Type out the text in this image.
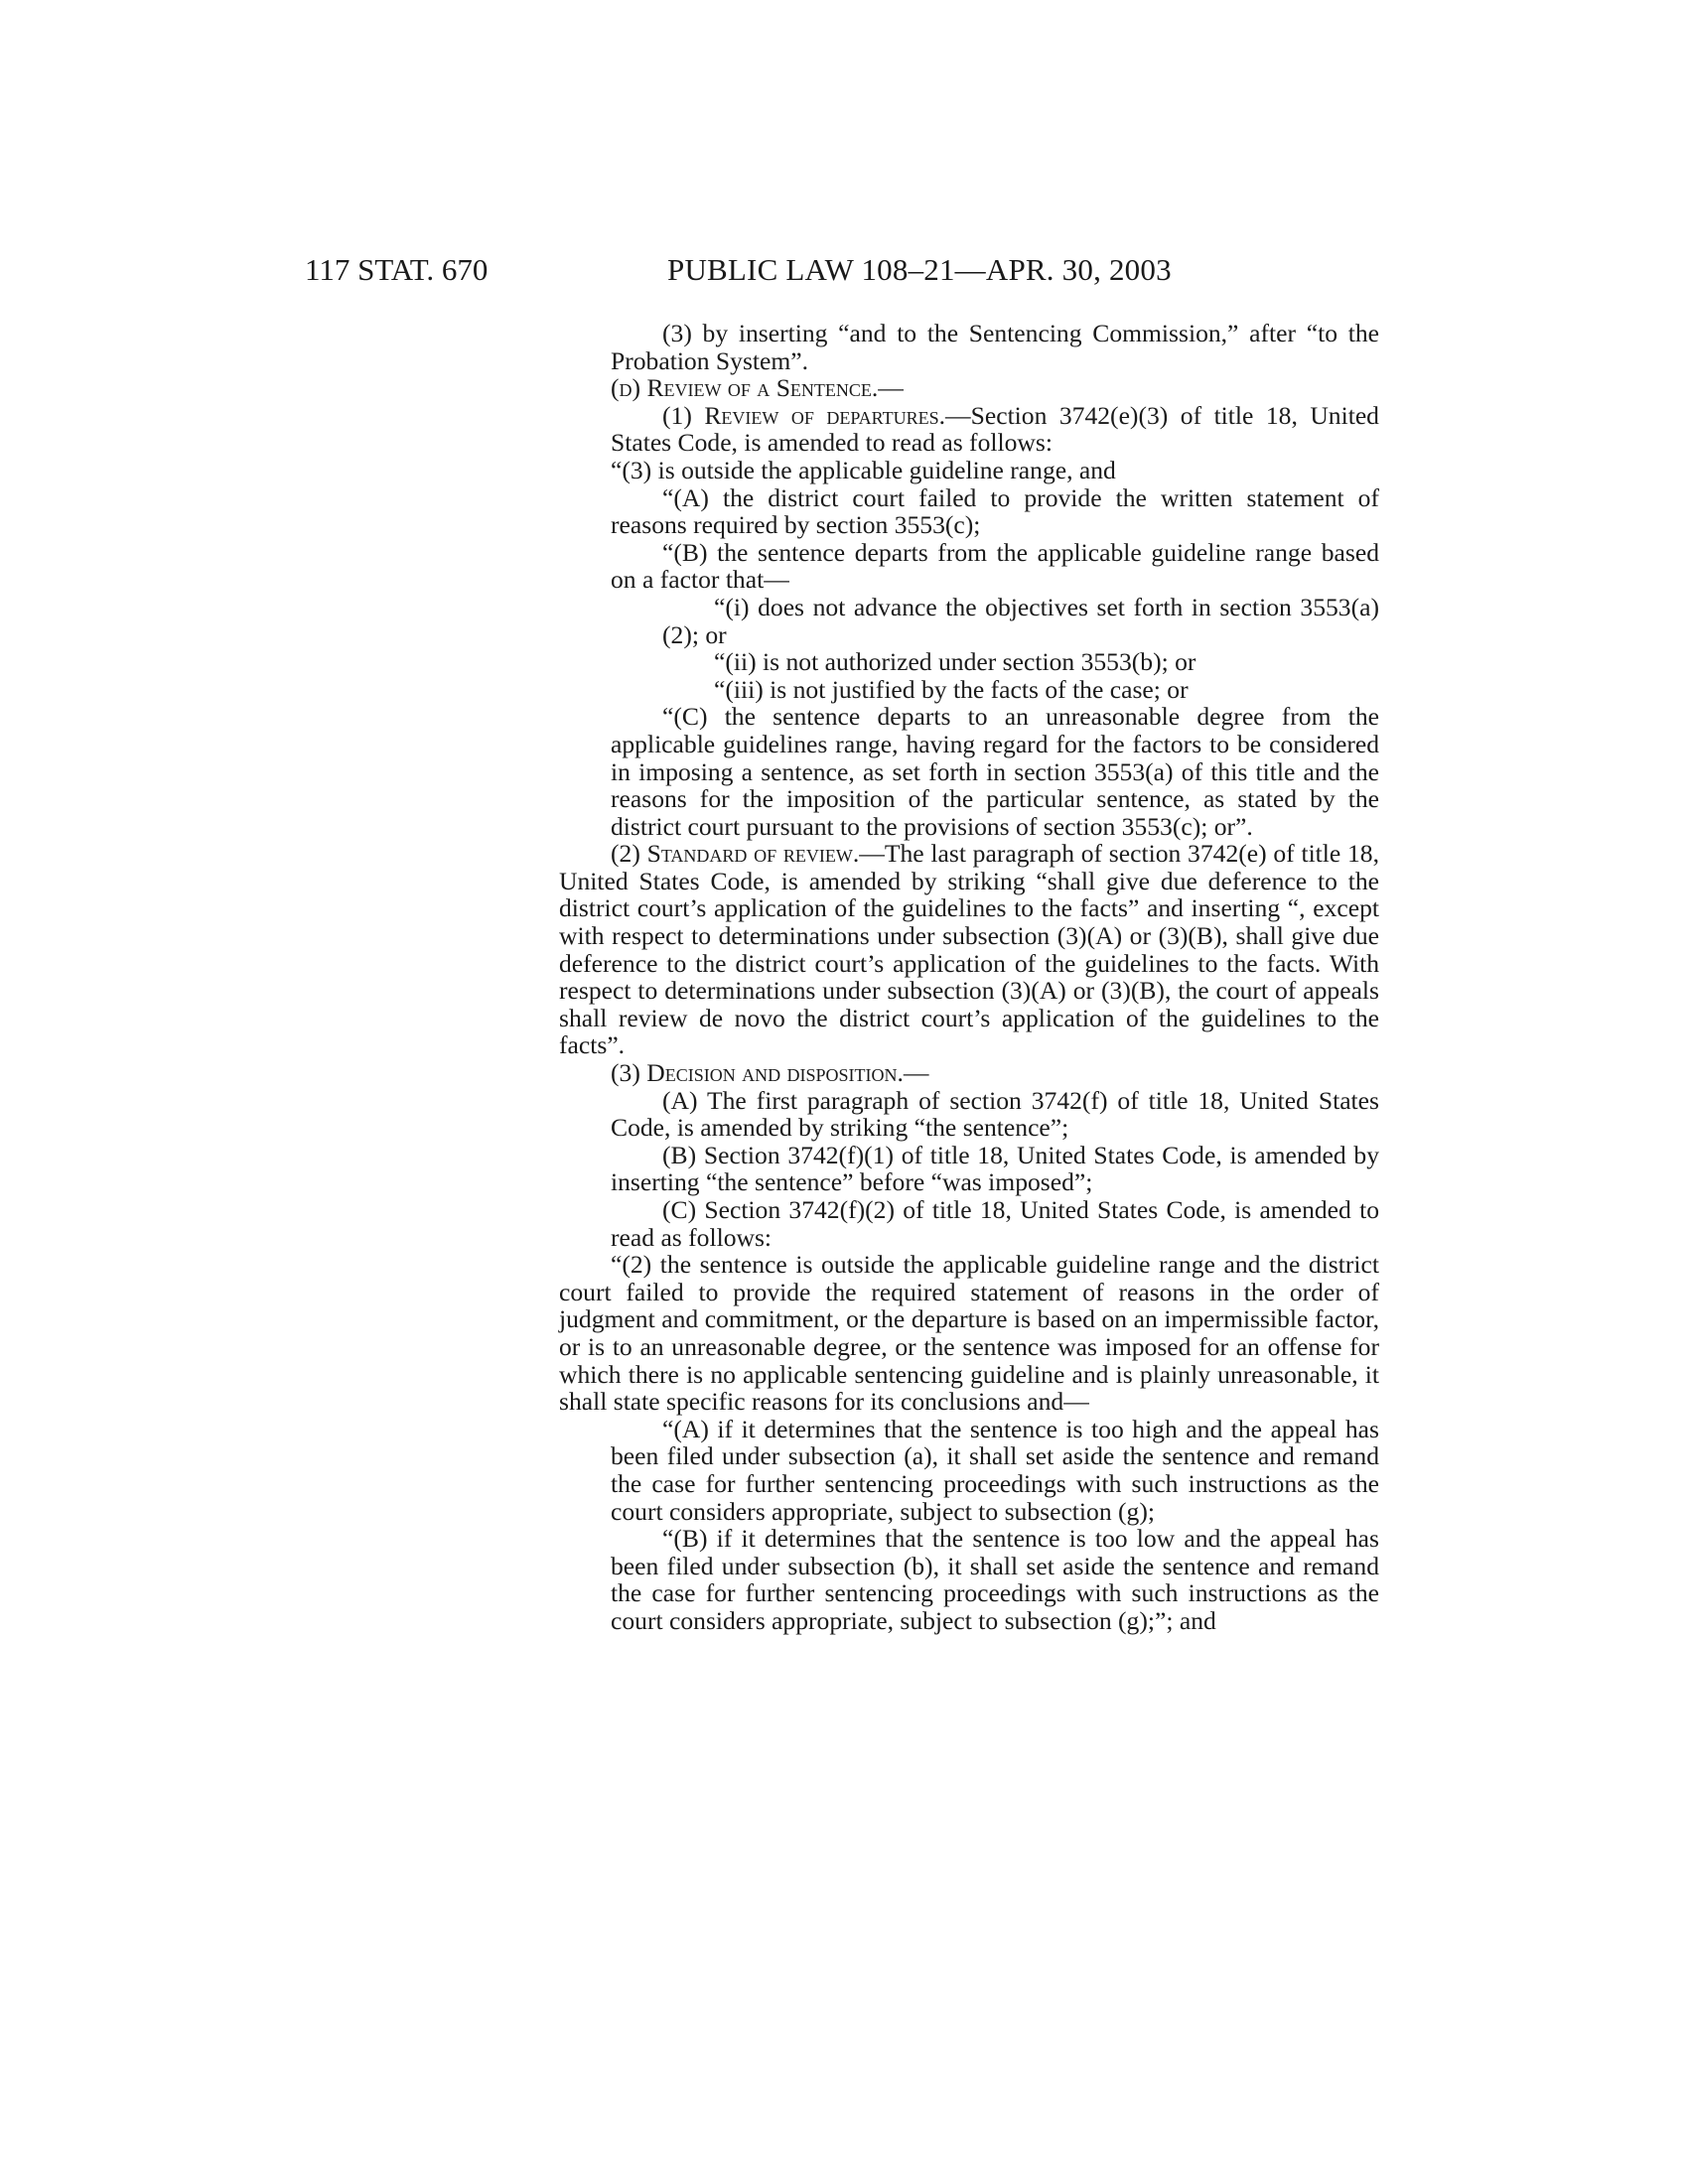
117 STAT. 670	PUBLIC LAW 108–21—APR. 30, 2003

(3) by inserting “and to the Sentencing Commission,” after “to the Probation System”.

(d) Review of a Sentence.—

(1) Review of departures.—Section 3742(e)(3) of title 18, United States Code, is amended to read as follows:

“(3) is outside the applicable guideline range, and

“(A) the district court failed to provide the written statement of reasons required by section 3553(c);

“(B) the sentence departs from the applicable guideline range based on a factor that—

“(i) does not advance the objectives set forth in section 3553(a)(2); or

“(ii) is not authorized under section 3553(b); or

“(iii) is not justified by the facts of the case; or

“(C) the sentence departs to an unreasonable degree from the applicable guidelines range, having regard for the factors to be considered in imposing a sentence, as set forth in section 3553(a) of this title and the reasons for the imposition of the particular sentence, as stated by the district court pursuant to the provisions of section 3553(c); or”.

(2) Standard of review.—The last paragraph of section 3742(e) of title 18, United States Code, is amended by striking “shall give due deference to the district court’s application of the guidelines to the facts” and inserting “, except with respect to determinations under subsection (3)(A) or (3)(B), shall give due deference to the district court’s application of the guidelines to the facts. With respect to determinations under subsection (3)(A) or (3)(B), the court of appeals shall review de novo the district court’s application of the guidelines to the facts”.

(3) Decision and disposition.—

(A) The first paragraph of section 3742(f) of title 18, United States Code, is amended by striking “the sentence”;

(B) Section 3742(f)(1) of title 18, United States Code, is amended by inserting “the sentence” before “was imposed”;

(C) Section 3742(f)(2) of title 18, United States Code, is amended to read as follows:

“(2) the sentence is outside the applicable guideline range and the district court failed to provide the required statement of reasons in the order of judgment and commitment, or the departure is based on an impermissible factor, or is to an unreasonable degree, or the sentence was imposed for an offense for which there is no applicable sentencing guideline and is plainly unreasonable, it shall state specific reasons for its conclusions and—

“(A) if it determines that the sentence is too high and the appeal has been filed under subsection (a), it shall set aside the sentence and remand the case for further sentencing proceedings with such instructions as the court considers appropriate, subject to subsection (g);

“(B) if it determines that the sentence is too low and the appeal has been filed under subsection (b), it shall set aside the sentence and remand the case for further sentencing proceedings with such instructions as the court considers appropriate, subject to subsection (g);”; and
